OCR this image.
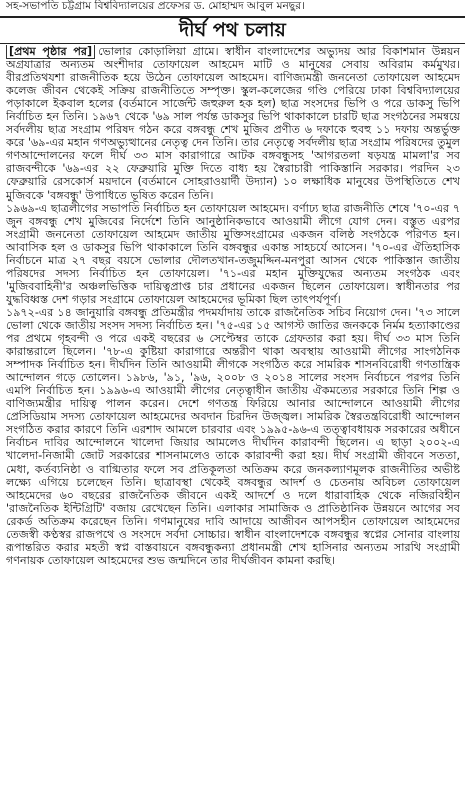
সহ-সভাপতি চট্টগ্রাম বিশ্ববিদ্যালয়ের প্রফেসর ড. মোহাম্মদ আবুল মনছুর।
দীর্ঘ পথ চলায়

[প্রথম পৃষ্ঠার পর] ভোলার কোড়ালিয়া গ্রামে। স্বাধীন বাংলাদেশের অভ্যুদয় আর বিকাশমান উন্নয়ন অগ্রযাত্রার অন্যতম অংশীদার তোফায়েল আহমেদ মাটি ও মানুষের সেবায় অবিরাম কর্মমুখর। বীরপ্রতিথযশা রাজনীতিক হয়ে উঠেন তোফায়েল আহমেদ। বাণিজ্যমন্ত্রী জননেতা তোফায়েল আহমেদ কলেজ জীবন থেকেই সক্রিয় রাজনীতিতে সম্পৃক্ত। স্কুল-কলেজের গণ্ডি পেরিয়ে ঢাকা বিশ্ববিদ্যালয়ের পড়াকালে ইকবাল হলের (বর্তমানে সার্জেন্ট জহুরুল হক হল) ছাত্র সংসদের ভিপি ও পরে ডাকসু ভিপি নির্বাচিত হন তিনি। ১৯৬৭ থেকে '৬৯ সাল পর্যন্ত ডাকসুর ভিপি থাকাকালে চারটি ছাত্র সংগঠনের সমন্বয়ে সর্বদলীয় ছাত্র সংগ্রাম পরিষদ গঠন করে বঙ্গবন্ধু শেখ মুজিব প্রণীত ৬ দফাকে হুবহু ১১ দফায় অন্তর্ভুক্ত করে '৬৯-এর মহান গণঅভ্যুত্থানের নেতৃত্ব দেন তিনি। তার নেতৃত্বে সর্বদলীয় ছাত্র সংগ্রাম পরিষদের তুমুল গণআন্দোলনের ফলে দীর্ঘ ৩৩ মাস কারাগারে আটক বঙ্গবন্ধুসহ 'আগরতলা ষড়যন্ত্র মামলা'র সব রাজবন্দীকে '৬৯-এর ২২ ফেব্রুয়ারি মুক্তি দিতে বাধ্য হয় স্বৈরাচারী পাকিস্তানি সরকার। পরদিন ২৩ ফেব্রুয়ারি রেসকোর্স ময়দানে (বর্তমানে সোহরাওয়ার্দী উদ্যান) ১০ লক্ষাধিক মানুষের উপস্থিতিতে শেখ মুজিবকে 'বঙ্গবন্ধু' উপাধিতে ভূষিত করেন তিনি।

১৯৬৯-এ ছাত্রলীগের সভাপতি নির্বাচিত হন তোফায়েল আহমেদ। বর্ণাঢ্য ছাত্র রাজনীতি শেষে '৭০-এর ৭ জুন বঙ্গবন্ধু শেখ মুজিবের নির্দেশে তিনি আনুষ্ঠানিকভাবে আওয়ামী লীগে যোগ দেন। বস্তুত এরপর সংগ্রামী জননেতা তোফায়েল আহমেদ জাতীয় মুক্তিসংগ্রামের একজন বলিষ্ঠ সংগঠকে পরিণত হন। আবাসিক হল ও ডাকসুর ভিপি থাকাকালে তিনি বঙ্গবন্ধুর একান্ত সাহচর্যে আসেন। '৭০-এর ঐতিহাসিক নির্বাচনে মাত্র ২৭ বছর বয়সে ভোলার দৌলতখান-তজুমদ্দিন-মনপুরা আসন থেকে পাকিস্তান জাতীয় পরিষদের সদস্য নির্বাচিত হন তোফায়েল। '৭১-এর মহান মুক্তিযুদ্ধের অন্যতম সংগঠক এবং 'মুজিববাহিনী'র অঞ্চলভিত্তিক দায়িত্বপ্রাপ্ত চার প্রধানের একজন ছিলেন তোফায়েল। স্বাধীনতার পর যুদ্ধবিধ্বস্ত দেশ গড়ার সংগ্রামে তোফায়েল আহমেদের ভূমিকা ছিল তাৎপর্যপূর্ণ।

১৯৭২-এর ১৪ জানুয়ারি বঙ্গবন্ধু প্রতিমন্ত্রীর পদমর্যাদায় তাকে রাজনৈতিক সচিব নিয়োগ দেন। '৭৩ সালে ভোলা থেকে জাতীয় সংসদ সদস্য নির্বাচিত হন। '৭৫-এর ১৫ আগস্ট জাতির জনককে নির্মম হত্যাকাণ্ডের পর প্রথমে গৃহবন্দী ও পরে একই বছরের ৬ সেপ্টেম্বর তাকে গ্রেফতার করা হয়। দীর্ঘ ৩৩ মাস তিনি কারান্তরালে ছিলেন। '৭৮-এ কুষ্টিয়া কারাগারে অন্তরীণ থাকা অবস্থায় আওয়ামী লীগের সাংগঠনিক সম্পাদক নির্বাচিত হন। দীর্ঘদিন তিনি আওয়ামী লীগকে সংগঠিত করে সামরিক শাসনবিরোধী গণতান্ত্রিক আন্দোলন গড়ে তোলেন। ১৯৮৬, '৯১, '৯৬, ২০০৮ ও ২০১৪ সালের সংসদ নির্বাচনে পরপর তিনি এমপি নির্বাচিত হন। ১৯৯৬-এ আওয়ামী লীগের নেতৃত্বাধীন জাতীয় ঐকমত্যের সরকারে তিনি শিল্প ও বাণিজ্যমন্ত্রীর দায়িত্ব পালন করেন। দেশে গণতন্ত্র ফিরিয়ে আনার আন্দোলনে আওয়ামী লীগের প্রেসিডিয়াম সদস্য তোফায়েল আহমেদের অবদান চিরদিন উজ্জ্বল। সামরিক স্বৈরতন্ত্রবিরোধী আন্দোলন সংগঠিত করার কারণে তিনি এরশাদ আমলে চারবার এবং ১৯৯৫-৯৬-এ তত্ত্বাবধায়ক সরকারের অধীনে নির্বাচন দাবির আন্দোলনে খালেদা জিয়ার আমলেও দীর্ঘদিন কারাবন্দী ছিলেন। এ ছাড়া ২০০২-এ খালেদা-নিজামী জোট সরকারের শাসনামলেও তাকে কারাবন্দী করা হয়। দীর্ঘ সংগ্রামী জীবনে সততা, মেধা, কর্তব্যনিষ্ঠা ও বাগ্মিতার ফলে সব প্রতিকূলতা অতিক্রম করে জনকল্যাণমূলক রাজনীতির অভীষ্ট লক্ষ্যে এগিয়ে চলেছেন তিনি। ছাত্রাবস্থা থেকেই বঙ্গবন্ধুর আদর্শ ও চেতনায় অবিচল তোফায়েল আহমেদের ৬০ বছরের রাজনৈতিক জীবনে একই আদর্শে ও দলে ধারাবাহিক থেকে নজিরবিহীন 'রাজনৈতিক ইন্টিগ্রিটি' বজায় রেখেছেন তিনি। এলাকার সামাজিক ও প্রাতিষ্ঠানিক উন্নয়নে আগের সব রেকর্ড অতিক্রম করেছেন তিনি। গণমানুষের দাবি আদায়ে আজীবন আপসহীন তোফায়েল আহমেদের তেজস্বী কণ্ঠস্বর রাজপথে ও সংসদে সর্বদা সোচ্চার। স্বাধীন বাংলাদেশকে বঙ্গবন্ধুর স্বপ্নের সোনার বাংলায় রূপান্তরিত করার মহতী স্বপ্ন বাস্তবায়নে বঙ্গবন্ধুকন্যা প্রধানমন্ত্রী শেখ হাসিনার অন্যতম সারথি সংগ্রামী গণনায়ক তোফায়েল আহমেদের শুভ জন্মদিনে তার দীর্ঘজীবন কামনা করছি।
